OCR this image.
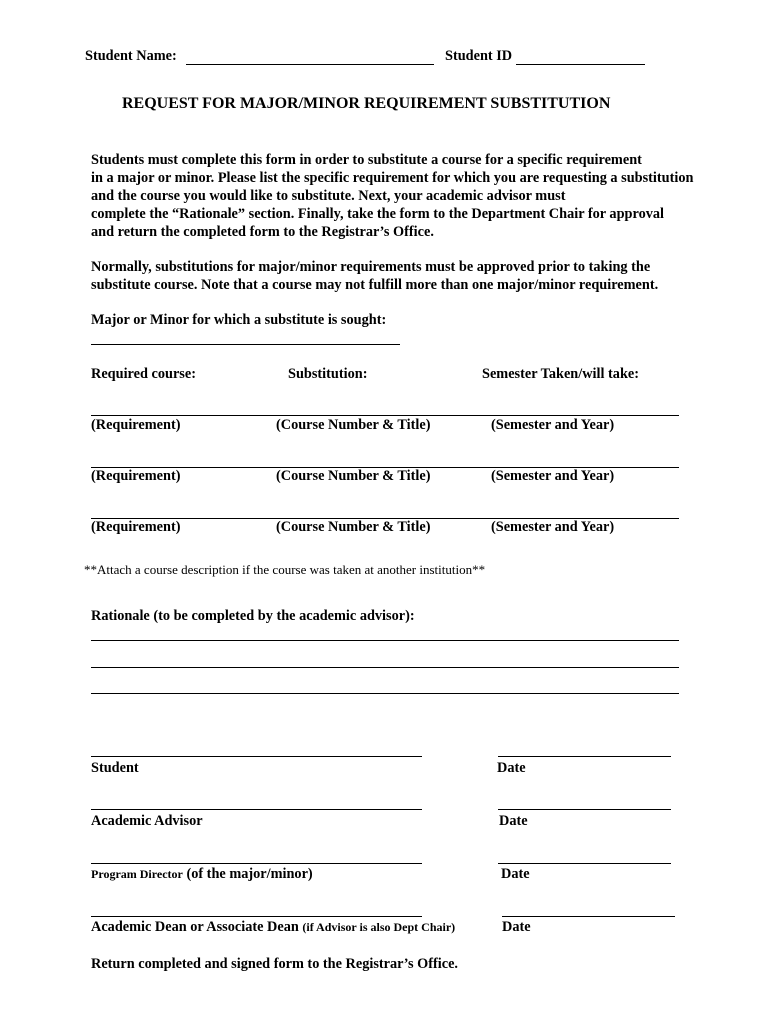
Student Name:	Student ID
REQUEST FOR MAJOR/MINOR REQUIREMENT SUBSTITUTION
Students must complete this form in order to substitute a course for a specific requirement
in a major or minor. Please list the specific requirement for which you are requesting a substitution
and the course you would like to substitute. Next, your academic advisor must
complete the “Rationale” section. Finally, take the form to the Department Chair for approval
and return the completed form to the Registrar’s Office.
Normally, substitutions for major/minor requirements must be approved prior to taking the
substitute course. Note that a course may not fulfill more than one major/minor requirement.
Major or Minor for which a substitute is sought:
Required course:	Substitution:	Semester Taken/will take:
(Requirement)	(Course Number & Title)	(Semester and Year)
(Requirement)	(Course Number & Title)	(Semester and Year)
(Requirement)	(Course Number & Title)	(Semester and Year)
**Attach a course description if the course was taken at another institution**
Rationale (to be completed by the academic advisor):
Student	Date
Academic Advisor	Date
Program Director (of the major/minor)	Date
Academic Dean or Associate Dean (if Advisor is also Dept Chair)	Date
Return completed and signed form to the Registrar’s Office.
